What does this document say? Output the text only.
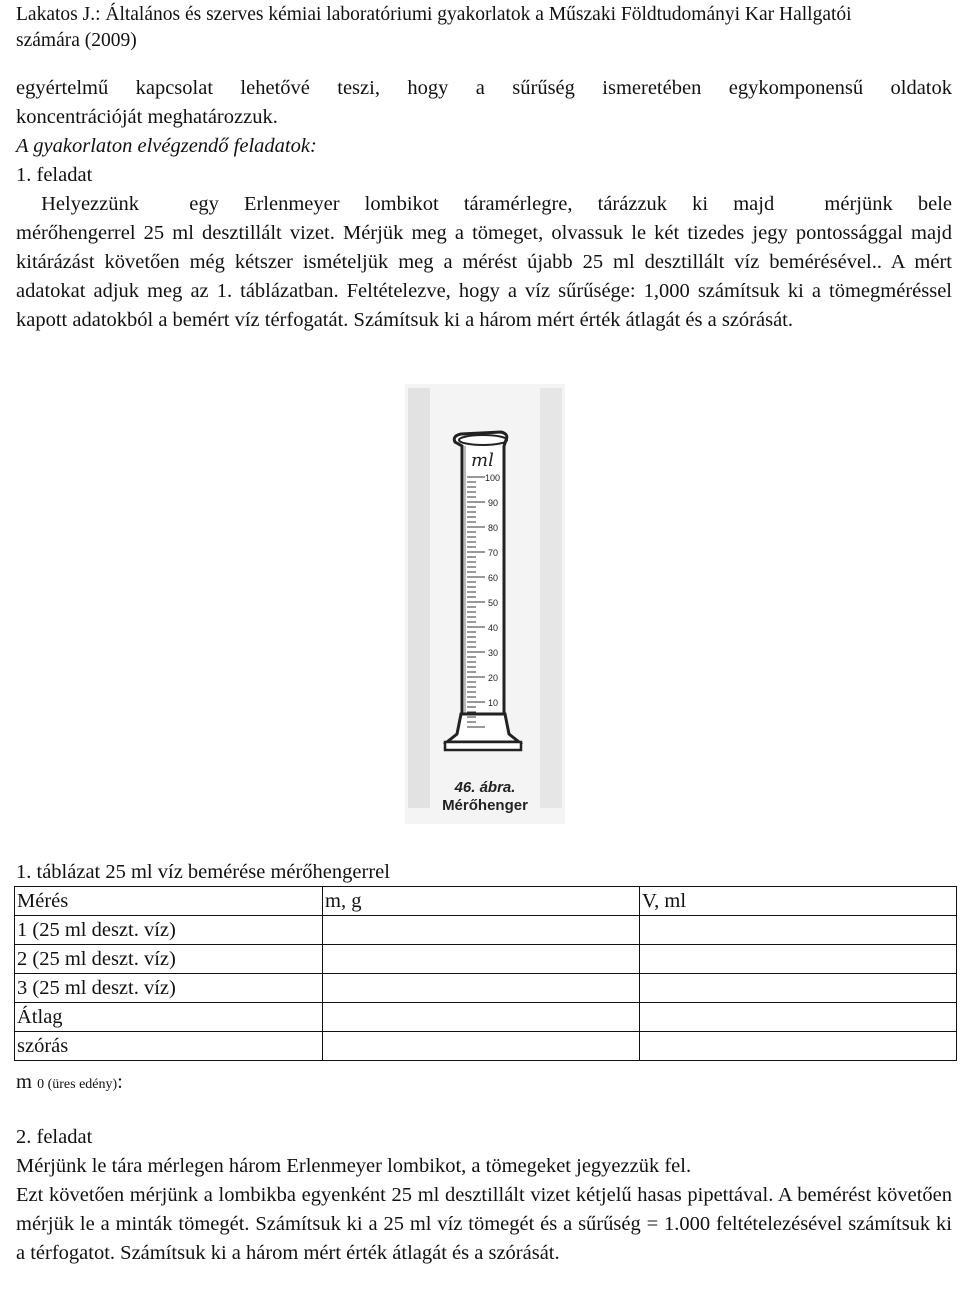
Lakatos J.: Általános és szerves kémiai laboratóriumi gyakorlatok a Műszaki Földtudományi Kar Hallgatói
számára (2009)
egyértelmű kapcsolat lehetővé teszi, hogy a sűrűség ismeretében egykomponensű oldatok
koncentrációját meghatározzuk.
A gyakorlaton elvégzendő feladatok:
1. feladat
Helyezzünk  egy Erlenmeyer lombikot táramérlegre, tárázzuk ki majd  mérjünk bele
mérőhengerrel 25 ml desztillált vizet. Mérjük meg a tömeget, olvassuk le két tizedes jegy pontossággal majd kitárázást követően még kétszer ismételjük meg a mérést újabb 25 ml desztillált víz bemérésével.. A mért adatokat adjuk meg az 1. táblázatban. Feltételezve, hogy a víz sűrűsége: 1,000 számítsuk ki a tömegméréssel kapott adatokból a bemért víz térfogatát. Számítsuk ki a három mért érték átlagát és a szórását.
100
90
80
70
60
50
40
30
20
10
ml
46. ábra.
Mérőhenger
1. táblázat 25 ml víz bemérése mérőhengerrel
Mérés	m, g	V, ml
1 (25 ml deszt. víz)		
2 (25 ml deszt. víz)		
3 (25 ml deszt. víz)		
Átlag		
szórás		
m 0 (üres edény):
2. feladat
Mérjünk le tára mérlegen három Erlenmeyer lombikot, a tömegeket jegyezzük fel.
Ezt követően mérjünk a lombikba egyenként 25 ml desztillált vizet kétjelű hasas pipettával. A bemérést követően mérjük le a minták tömegét. Számítsuk ki a 25 ml víz tömegét és a sűrűség = 1.000 feltételezésével számítsuk ki a térfogatot. Számítsuk ki a három mért érték átlagát és a szórását.
